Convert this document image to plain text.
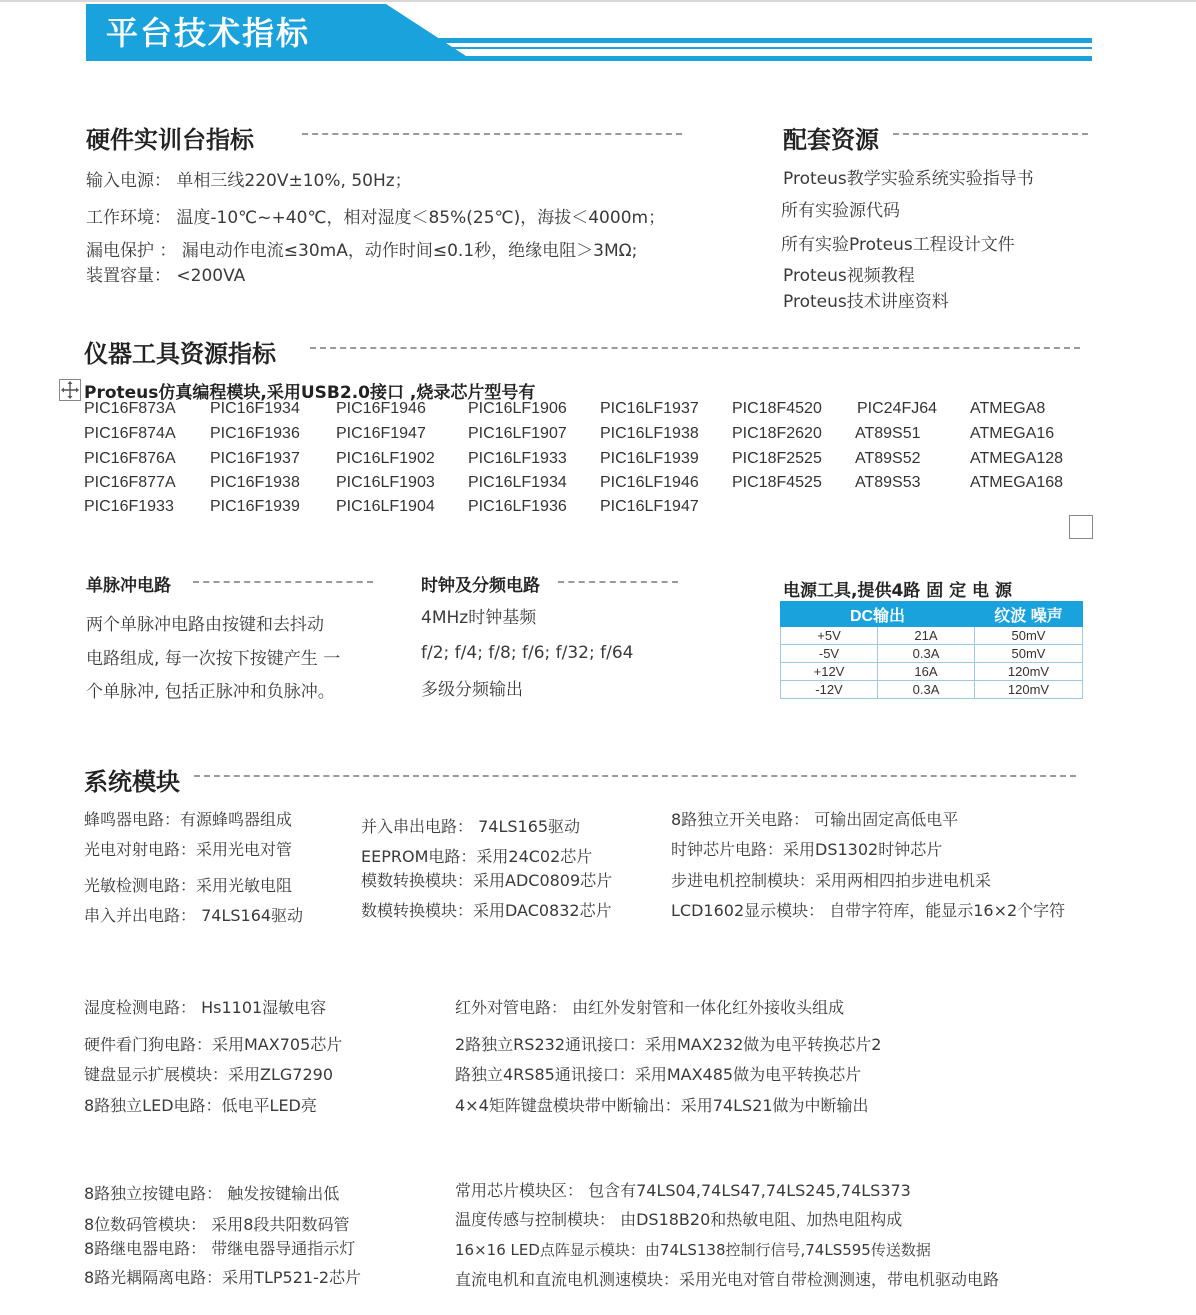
平台技术指标
硬件实训台指标
输入电源： 单相三线220V±10%, 50Hz；
工作环境： 温度-10℃~+40℃，相对湿度＜85%(25℃)，海拔＜4000m；
漏电保护 ： 漏电动作电流≤30mA，动作时间≤0.1秒，绝缘电阻＞3MΩ;
装置容量： <200VA
配套资源
Proteus教学实验系统实验指导书
所有实验源代码
所有实验Proteus工程设计文件
Proteus视频教程
Proteus技术讲座资料
仪器工具资源指标
Proteus仿真编程模块,采用USB2.0接口 ,烧录芯片型号有
PIC16F873A PIC16F1934 PIC16F1946	PIC16LF1906 PIC16LF1937 PIC18F4520 PIC24FJ64 ATMEGA8
PIC16F874A PIC16F1936 PIC16F1947	PIC16LF1907 PIC16LF1938 PIC18F2620 AT89S51	ATMEGA16
PIC16F876A PIC16F1937 PIC16LF1902 PIC16LF1933 PIC16LF1939 PIC18F2525 AT89S52	ATMEGA128
PIC16F877A PIC16F1938 PIC16LF1903 PIC16LF1934 PIC16LF1946 PIC18F4525 AT89S53	ATMEGA168
PIC16F1933 PIC16F1939 PIC16LF1904 PIC16LF1936 PIC16LF1947
单脉冲电路
两个单脉冲电路由按键和去抖动
电路组成, 每一次按下按键产生 一
个单脉冲, 包括正脉冲和负脉冲。
时钟及分频电路
4MHz时钟基频
f/2; f/4; f/8; f/6; f/32; f/64
多级分频输出
电源工具,提供4路 固 定 电 源
DC输出		纹波 噪声
+5V	21A	50mV
-5V	0.3A	50mV
+12V	16A	120mV
-12V	0.3A	120mV
系统模块
蜂鸣器电路：有源蜂鸣器组成
光电对射电路：采用光电对管
光敏检测电路：采用光敏电阻
串入并出电路： 74LS164驱动
并入串出电路： 74LS165驱动
EEPROM电路：采用24C02芯片
模数转换模块：采用ADC0809芯片
数模转换模块：采用DAC0832芯片
8路独立开关电路： 可输出固定高低电平
时钟芯片电路：采用DS1302时钟芯片
步进电机控制模块：采用两相四拍步进电机采
LCD1602显示模块： 自带字符库，能显示16×2个字符
湿度检测电路： Hs1101湿敏电容
硬件看门狗电路：采用MAX705芯片
键盘显示扩展模块：采用ZLG7290
8路独立LED电路：低电平LED亮
红外对管电路： 由红外发射管和一体化红外接收头组成
2路独立RS232通讯接口：采用MAX232做为电平转换芯片2
路独立4RS85通讯接口：采用MAX485做为电平转换芯片
4×4矩阵键盘模块带中断输出：采用74LS21做为中断输出
8路独立按键电路： 触发按键输出低
8位数码管模块： 采用8段共阳数码管
8路继电器电路： 带继电器导通指示灯
8路光耦隔离电路：采用TLP521-2芯片
常用芯片模块区： 包含有74LS04,74LS47,74LS245,74LS373
温度传感与控制模块： 由DS18B20和热敏电阻、加热电阻构成
16×16 LED点阵显示模块：由74LS138控制行信号,74LS595传送数据
直流电机和直流电机测速模块：采用光电对管自带检测测速，带电机驱动电路
